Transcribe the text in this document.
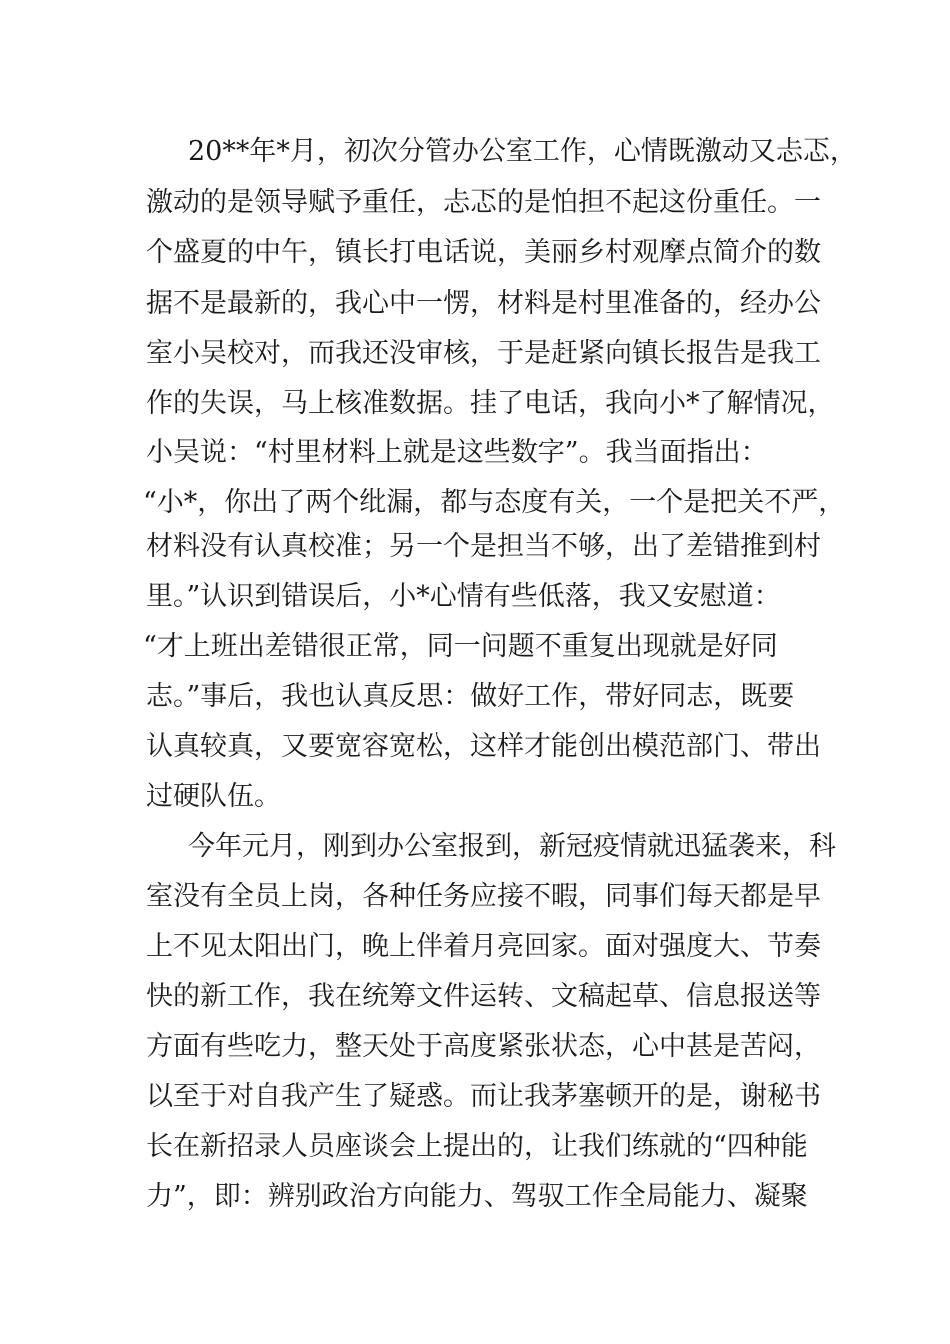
20**年*月，初次分管办公室工作，心情既激动又忐忑，
激动的是领导赋予重任，忐忑的是怕担不起这份重任。一
个盛夏的中午，镇长打电话说，美丽乡村观摩点简介的数
据不是最新的，我心中一愣，材料是村里准备的，经办公
室小吴校对，而我还没审核，于是赶紧向镇长报告是我工
作的失误，马上核准数据。挂了电话，我向小*了解情况，
小吴说：“村里材料上就是这些数字”。我当面指出：
“小*，你出了两个纰漏，都与态度有关，一个是把关不严，
材料没有认真校准；另一个是担当不够，出了差错推到村
里。”认识到错误后，小*心情有些低落，我又安慰道：
“才上班出差错很正常，同一问题不重复出现就是好同
志。”事后，我也认真反思：做好工作，带好同志，既要
认真较真，又要宽容宽松，这样才能创出模范部门、带出
过硬队伍。
今年元月，刚到办公室报到，新冠疫情就迅猛袭来，科
室没有全员上岗，各种任务应接不暇，同事们每天都是早
上不见太阳出门，晚上伴着月亮回家。面对强度大、节奏
快的新工作，我在统筹文件运转、文稿起草、信息报送等
方面有些吃力，整天处于高度紧张状态，心中甚是苦闷，
以至于对自我产生了疑惑。而让我茅塞顿开的是，谢秘书
长在新招录人员座谈会上提出的，让我们练就的“四种能
力”，即：辨别政治方向能力、驾驭工作全局能力、凝聚
